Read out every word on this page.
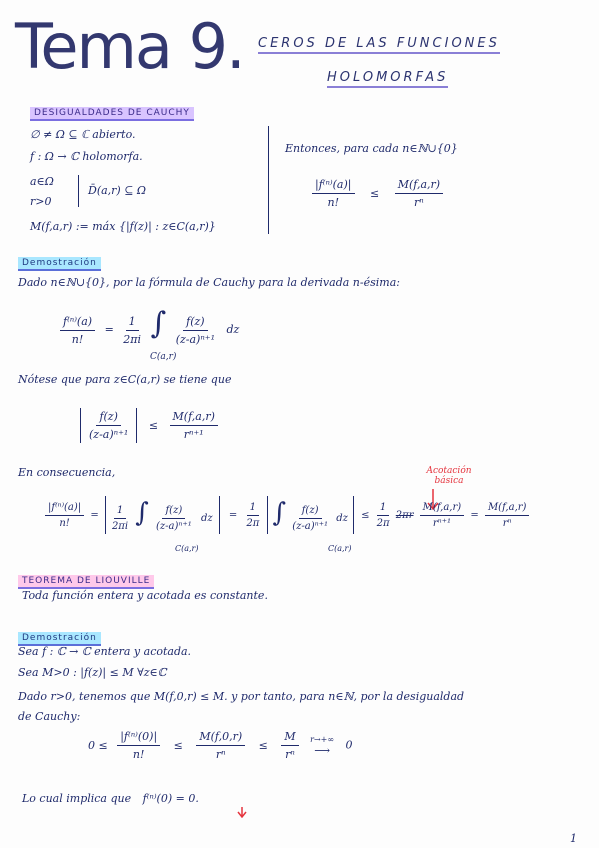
Tema 9. CEROS DE LAS FUNCIONES
HOLOMORFAS
DESIGUALDADES DE CAUCHY
∅ ≠ Ω ⊆ ℂ abierto.
f : Ω → ℂ holomorfa.
a∈Ω
r>0
D̄(a,r) ⊆ Ω
M(f,a,r) := máx {|f(z)| : z∈C(a,r)}
Entonces, para cada n∈ℕ∪{0}
$\frac{\text{|f⁽ⁿ⁾(a)|}}{n!} \le \frac{M(f,a,r)}{\text{rⁿ}}$
Demostración
Dado n∈ℕ∪{0}, por la fórmula de Cauchy para la derivada n-ésima:
$\frac{\text{f⁽ⁿ⁾(a)}}{n!} = \frac{1}{2\pi i}$ ∫ $\frac{f(z)}{\text{(z-a)ⁿ⁺¹}}$ dz
C(a,r)
Nótese que para z∈C(a,r) se tiene que
$\frac{f(z)}{\text{(z-a)ⁿ⁺¹}} \le \frac{M(f,a,r)}{\text{rⁿ⁺¹}}$
En consecuencia,	Acotación básica
$\frac{\text{|f⁽ⁿ⁾(a)|}}{n!} = \frac{1}{2\pi i}$ ∫ $\frac{f(z)}{\text{(z-a)ⁿ⁺¹}}$ dz = $\frac{1}{2\pi}$ ∫ $\frac{f(z)}{\text{(z-a)ⁿ⁺¹}}$ dz ≤ $\frac{1}{2\pi} 2\pi r \frac{M(f,a,r)}{\text{rⁿ⁺¹}} = \frac{M(f,a,r)}{\text{rⁿ}}$
C(a,r)	C(a,r)
TEOREMA DE LIOUVILLE
Toda función entera y acotada es constante.
Demostración
Sea f : ℂ → ℂ entera y acotada.
Sea M>0 : |f(z)| ≤ M ∀z∈ℂ
Dado r>0, tenemos que M(f,0,r) ≤ M. y por tanto, para n∈ℕ, por la desigualdad
de Cauchy:
$0 \le \frac{\text{|f⁽ⁿ⁾(0)|}}{n!} \le \frac{M(f,0,r)}{\text{rⁿ}} \le \frac{M}{\text{rⁿ}}$
r→+∞
⟶ 0
Lo cual implica que f⁽ⁿ⁾(0) = 0.
1
